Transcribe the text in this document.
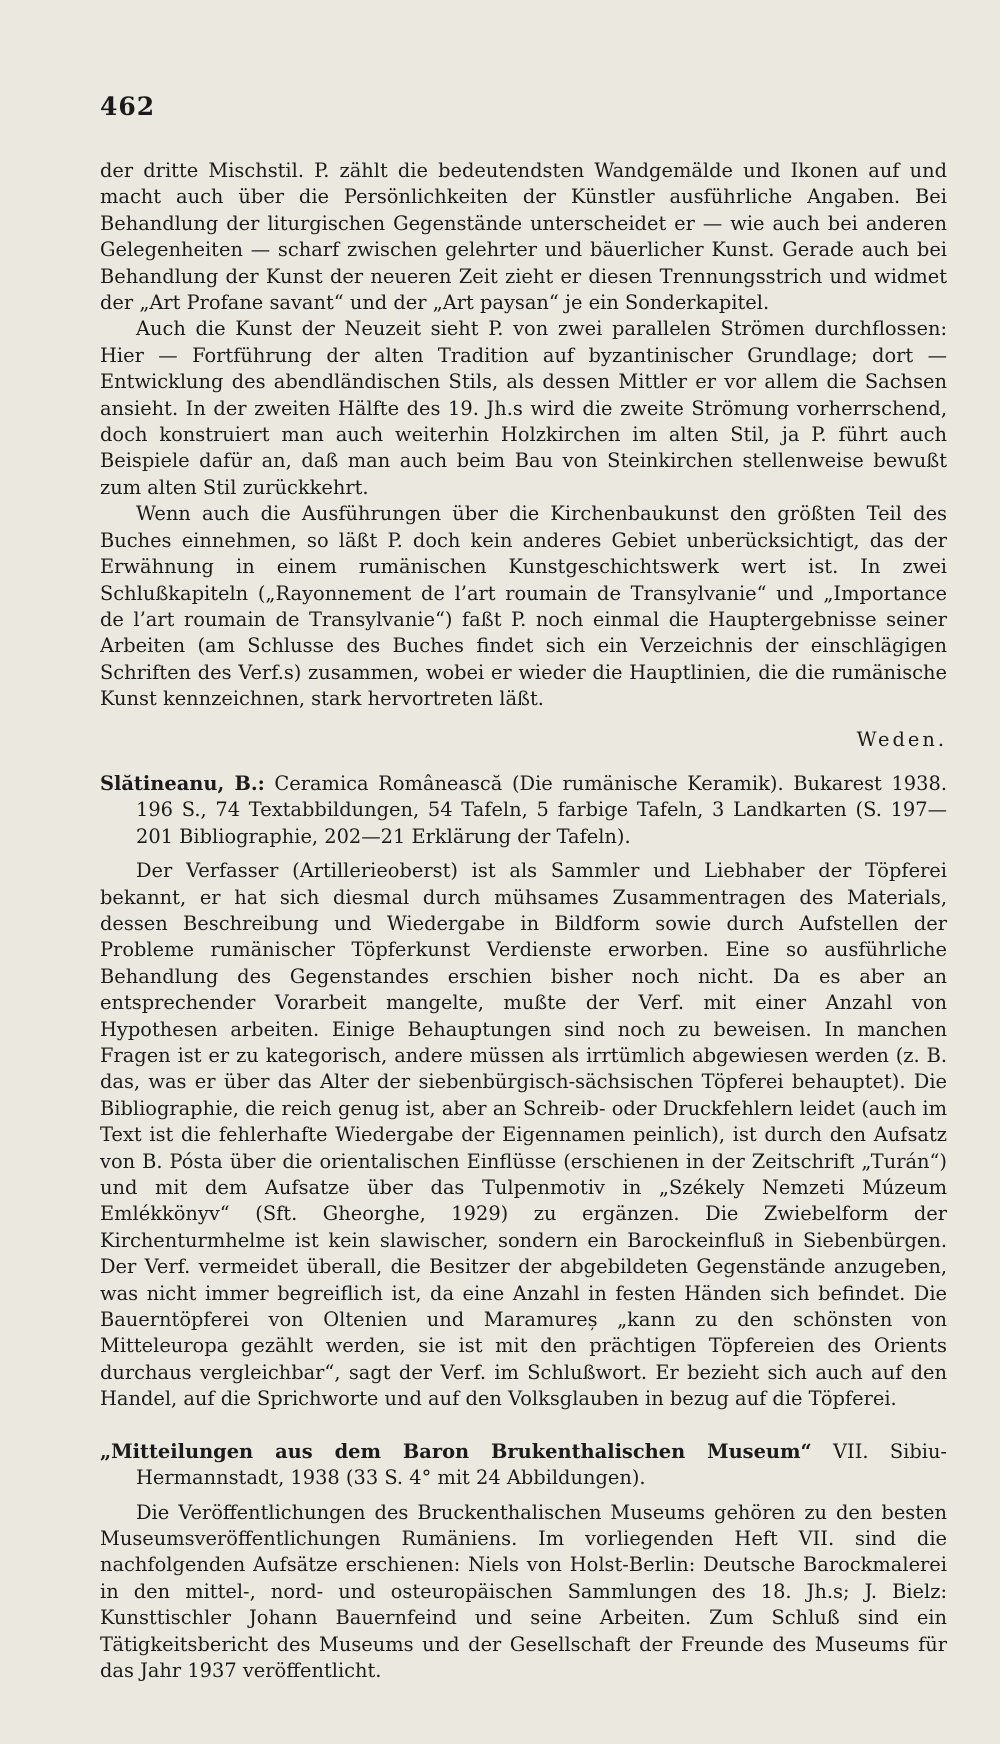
462

der dritte Mischstil. P. zählt die bedeutendsten Wandgemälde und Ikonen auf und macht auch über die Persönlichkeiten der Künstler ausführliche Angaben. Bei Behandlung der liturgischen Gegenstände unterscheidet er — wie auch bei anderen Gelegenheiten — scharf zwischen gelehrter und bäuerlicher Kunst. Gerade auch bei Behandlung der Kunst der neueren Zeit zieht er diesen Trennungsstrich und widmet der „Art Profane savant“ und der „Art paysan“ je ein Sonderkapitel.

Auch die Kunst der Neuzeit sieht P. von zwei parallelen Strömen durchflossen: Hier — Fortführung der alten Tradition auf byzantinischer Grundlage; dort — Entwicklung des abendländischen Stils, als dessen Mittler er vor allem die Sachsen ansieht. In der zweiten Hälfte des 19. Jh.s wird die zweite Strömung vorherrschend, doch konstruiert man auch weiterhin Holzkirchen im alten Stil, ja P. führt auch Beispiele dafür an, daß man auch beim Bau von Steinkirchen stellenweise bewußt zum alten Stil zurückkehrt.

Wenn auch die Ausführungen über die Kirchenbaukunst den größten Teil des Buches einnehmen, so läßt P. doch kein anderes Gebiet unberücksichtigt, das der Erwähnung in einem rumänischen Kunstgeschichtswerk wert ist. In zwei Schlußkapiteln („Rayonnement de l’art roumain de Transylvanie“ und „Importance de l’art roumain de Transylvanie“) faßt P. noch einmal die Hauptergebnisse seiner Arbeiten (am Schlusse des Buches findet sich ein Verzeichnis der einschlägigen Schriften des Verf.s) zusammen, wobei er wieder die Hauptlinien, die die rumänische Kunst kennzeichnen, stark hervortreten läßt.

Weden.

Slătineanu, B.: Ceramica Românească (Die rumänische Keramik). Bukarest 1938. 196 S., 74 Textabbildungen, 54 Tafeln, 5 farbige Tafeln, 3 Landkarten (S. 197—201 Bibliographie, 202—21 Erklärung der Tafeln).

Der Verfasser (Artillerieoberst) ist als Sammler und Liebhaber der Töpferei bekannt, er hat sich diesmal durch mühsames Zusammentragen des Materials, dessen Beschreibung und Wiedergabe in Bildform sowie durch Aufstellen der Probleme rumänischer Töpferkunst Verdienste erworben. Eine so ausführliche Behandlung des Gegenstandes erschien bisher noch nicht. Da es aber an entsprechender Vorarbeit mangelte, mußte der Verf. mit einer Anzahl von Hypothesen arbeiten. Einige Behauptungen sind noch zu beweisen. In manchen Fragen ist er zu kategorisch, andere müssen als irrtümlich abgewiesen werden (z. B. das, was er über das Alter der siebenbürgisch-sächsischen Töpferei behauptet). Die Bibliographie, die reich genug ist, aber an Schreib- oder Druckfehlern leidet (auch im Text ist die fehlerhafte Wiedergabe der Eigennamen peinlich), ist durch den Aufsatz von B. Pósta über die orientalischen Einflüsse (erschienen in der Zeitschrift „Turán“) und mit dem Aufsatze über das Tulpenmotiv in „Székely Nemzeti Múzeum Emlékkönyv“ (Sft. Gheorghe, 1929) zu ergänzen. Die Zwiebelform der Kirchenturmhelme ist kein slawischer, sondern ein Barockeinfluß in Siebenbürgen. Der Verf. vermeidet überall, die Besitzer der abgebildeten Gegenstände anzugeben, was nicht immer begreiflich ist, da eine Anzahl in festen Händen sich befindet. Die Bauerntöpferei von Oltenien und Maramureș „kann zu den schönsten von Mitteleuropa gezählt werden, sie ist mit den prächtigen Töpfereien des Orients durchaus vergleichbar“, sagt der Verf. im Schlußwort. Er bezieht sich auch auf den Handel, auf die Sprichworte und auf den Volksglauben in bezug auf die Töpferei.

„Mitteilungen aus dem Baron Brukenthalischen Museum“ VII. Sibiu-Hermannstadt, 1938 (33 S. 4° mit 24 Abbildungen).

Die Veröffentlichungen des Bruckenthalischen Museums gehören zu den besten Museumsveröffentlichungen Rumäniens. Im vorliegenden Heft VII. sind die nachfolgenden Aufsätze erschienen: Niels von Holst-Berlin: Deutsche Barockmalerei in den mittel-, nord- und osteuropäischen Sammlungen des 18. Jh.s; J. Bielz: Kunsttischler Johann Bauernfeind und seine Arbeiten. Zum Schluß sind ein Tätigkeitsbericht des Museums und der Gesellschaft der Freunde des Museums für das Jahr 1937 veröffentlicht.
